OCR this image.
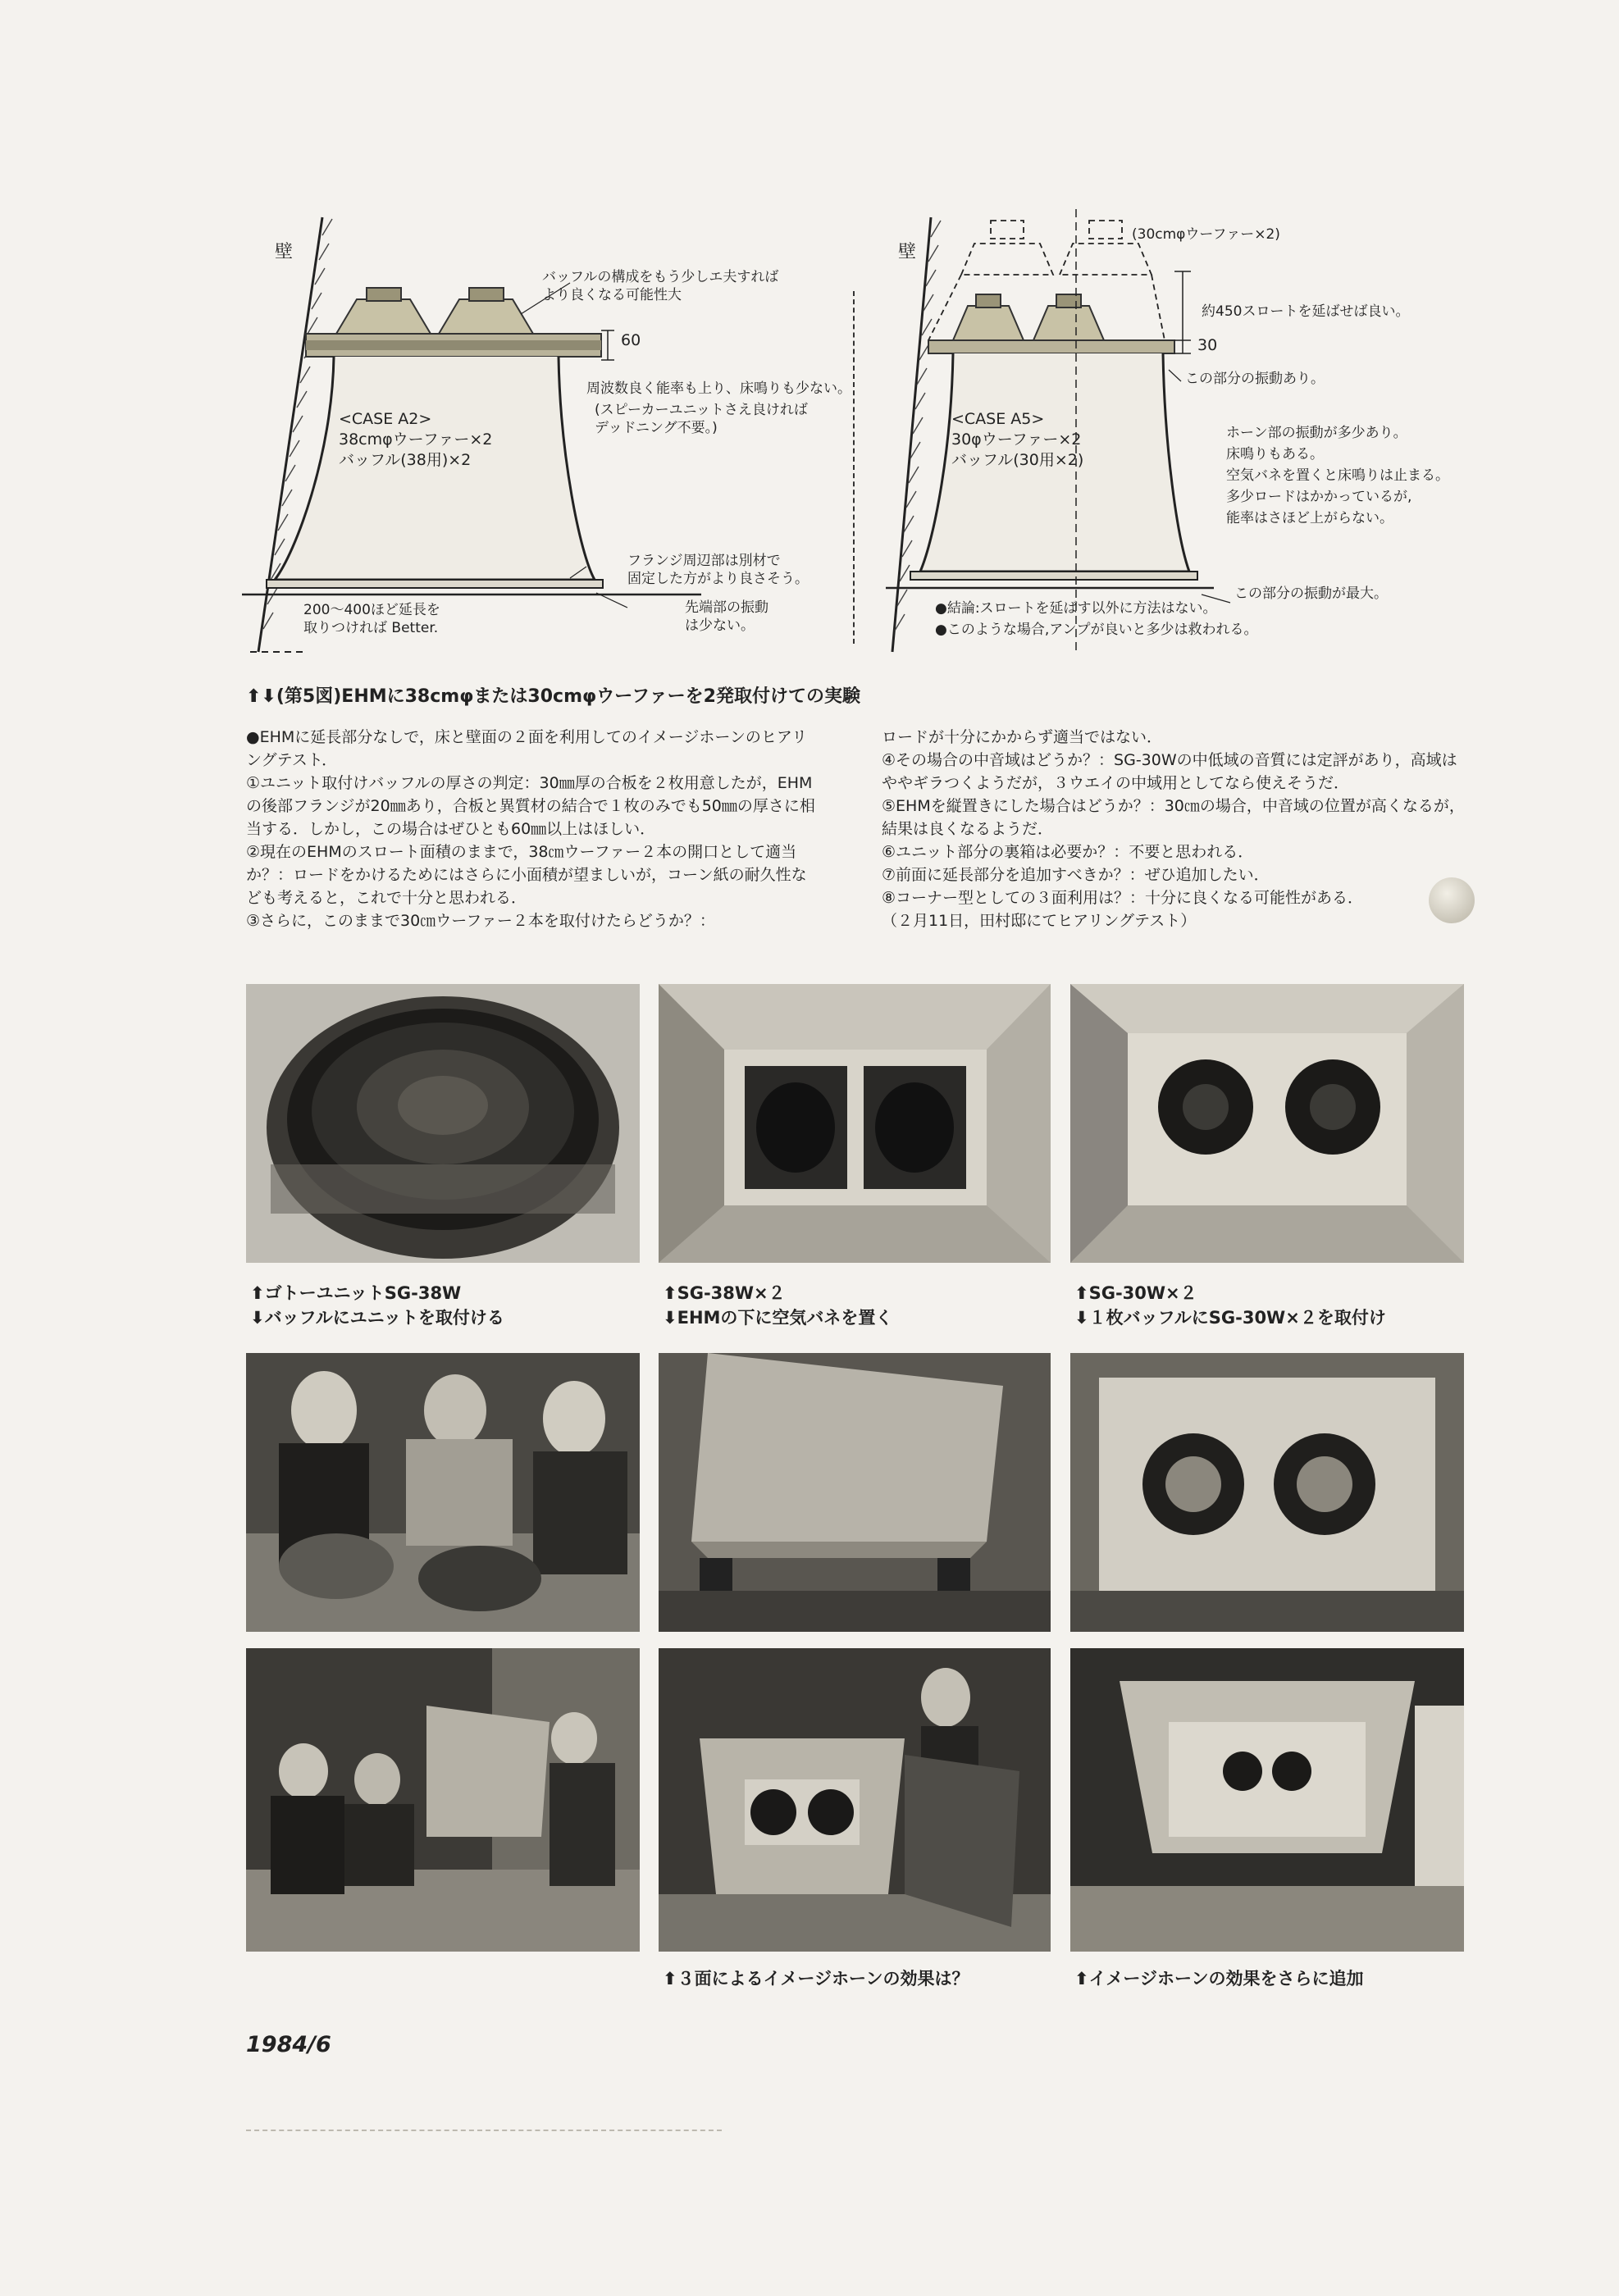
壁
バッフルの構成をもう少しエ夫すれば
より良くなる可能性大
60
周波数良く能率も上り、床鳴りも少ない。
(スピーカーユニットさえ良ければ
デッドニング不要。)
<CASE A2>
38cmφウーファー×2
バッフル(38用)×2
フランジ周辺部は別材で
固定した方がより良さそう。
先端部の振動
は少ない。
200〜400ほど延長を
取りつければ Better.
壁
(30cmφウーファー×2)
約450スロートを延ばせば良い。
30
この部分の振動あり。
<CASE A5>
30φウーファー×2
バッフル(30用×2)
ホーン部の振動が多少あり。
床鳴りもある。
空気バネを置くと床鳴りは止まる。
多少ロードはかかっているが,
能率はさほど上がらない。
この部分の振動が最大。
●結論:スロートを延ばす以外に方法はない。
●このような場合,アンプが良いと多少は救われる。
⬆⬇(第5図)EHMに38cmφまたは30cmφウーファーを2発取付けての実験

●EHMに延長部分なしで，床と壁面の２面を利用してのイメージホーンのヒアリングテスト．

①ユニット取付けバッフルの厚さの判定：30㎜厚の合板を２枚用意したが，EHMの後部フランジが20㎜あり，合板と異質材の結合で１枚のみでも50㎜の厚さに相当する．しかし，この場合はぜひとも60㎜以上はほしい．

②現在のEHMのスロート面積のままで，38㎝ウーファー２本の開口として適当か？：ロードをかけるためにはさらに小面積が望ましいが，コーン紙の耐久性なども考えると，これで十分と思われる．

③さらに，このままで30㎝ウーファー２本を取付けたらどうか？：

ロードが十分にかからず適当ではない．

④その場合の中音域はどうか？：SG-30Wの中低域の音質には定評があり，高域はややギラつくようだが，３ウエイの中域用としてなら使えそうだ．

⑤EHMを縦置きにした場合はどうか？：30㎝の場合，中音域の位置が高くなるが，結果は良くなるようだ．

⑥ユニット部分の裏箱は必要か？：不要と思われる．

⑦前面に延長部分を追加すべきか？：ぜひ追加したい．

⑧コーナー型としての３面利用は？：十分に良くなる可能性がある．

（２月11日，田村邸にてヒアリングテスト）

⬆ゴトーユニットSG-38W
⬇バッフルにユニットを取付ける
⬆SG-38W×２
⬇EHMの下に空気バネを置く
⬆SG-30W×２
⬇１枚バッフルにSG-30W×２を取付け
⬆３面によるイメージホーンの効果は？	⬆イメージホーンの効果をさらに追加
1984/6
